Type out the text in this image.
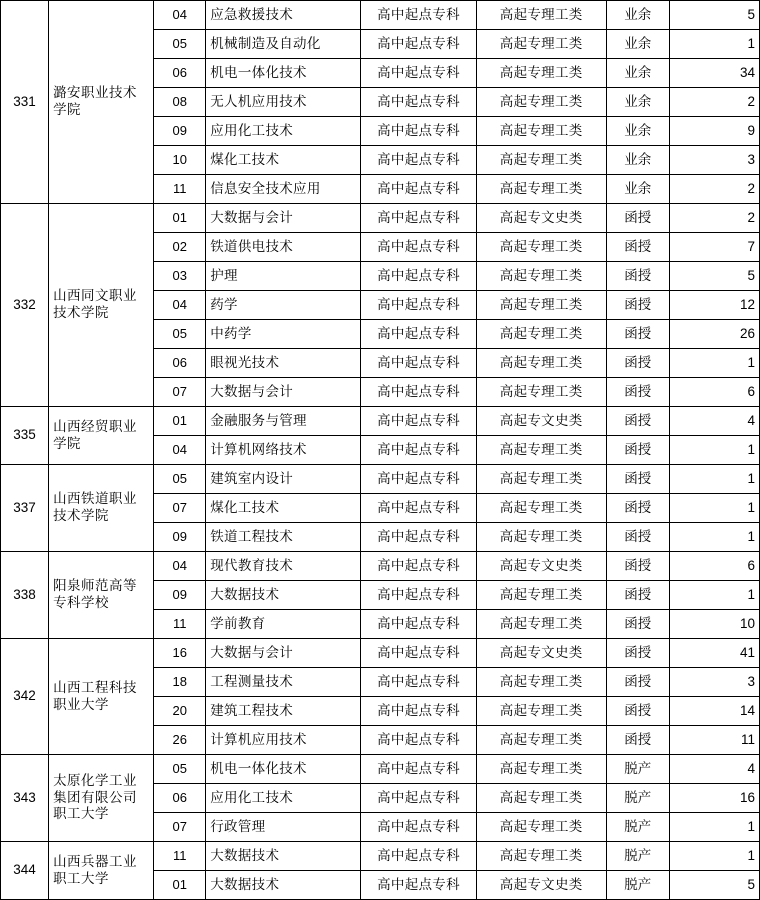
331	潞安职业技术学院	04	应急救援技术	高中起点专科	高起专理工类	业余	5
		05	机械制造及自动化	高中起点专科	高起专理工类	业余	1
		06	机电一体化技术	高中起点专科	高起专理工类	业余	34
		08	无人机应用技术	高中起点专科	高起专理工类	业余	2
		09	应用化工技术	高中起点专科	高起专理工类	业余	9
		10	煤化工技术	高中起点专科	高起专理工类	业余	3
		11	信息安全技术应用	高中起点专科	高起专理工类	业余	2
332	山西同文职业技术学院	01	大数据与会计	高中起点专科	高起专文史类	函授	2
		02	铁道供电技术	高中起点专科	高起专理工类	函授	7
		03	护理	高中起点专科	高起专理工类	函授	5
		04	药学	高中起点专科	高起专理工类	函授	12
		05	中药学	高中起点专科	高起专理工类	函授	26
		06	眼视光技术	高中起点专科	高起专理工类	函授	1
		07	大数据与会计	高中起点专科	高起专理工类	函授	6
335	山西经贸职业学院	01	金融服务与管理	高中起点专科	高起专文史类	函授	4
		04	计算机网络技术	高中起点专科	高起专理工类	函授	1
337	山西铁道职业技术学院	05	建筑室内设计	高中起点专科	高起专理工类	函授	1
		07	煤化工技术	高中起点专科	高起专理工类	函授	1
		09	铁道工程技术	高中起点专科	高起专理工类	函授	1
338	阳泉师范高等专科学校	04	现代教育技术	高中起点专科	高起专文史类	函授	6
		09	大数据技术	高中起点专科	高起专理工类	函授	1
		11	学前教育	高中起点专科	高起专理工类	函授	10
342	山西工程科技职业大学	16	大数据与会计	高中起点专科	高起专文史类	函授	41
		18	工程测量技术	高中起点专科	高起专理工类	函授	3
		20	建筑工程技术	高中起点专科	高起专理工类	函授	14
		26	计算机应用技术	高中起点专科	高起专理工类	函授	11
343	太原化学工业集团有限公司职工大学	05	机电一体化技术	高中起点专科	高起专理工类	脱产	4
		06	应用化工技术	高中起点专科	高起专理工类	脱产	16
		07	行政管理	高中起点专科	高起专理工类	脱产	1
344	山西兵器工业职工大学	11	大数据技术	高中起点专科	高起专理工类	脱产	1
		01	大数据技术	高中起点专科	高起专文史类	脱产	5
